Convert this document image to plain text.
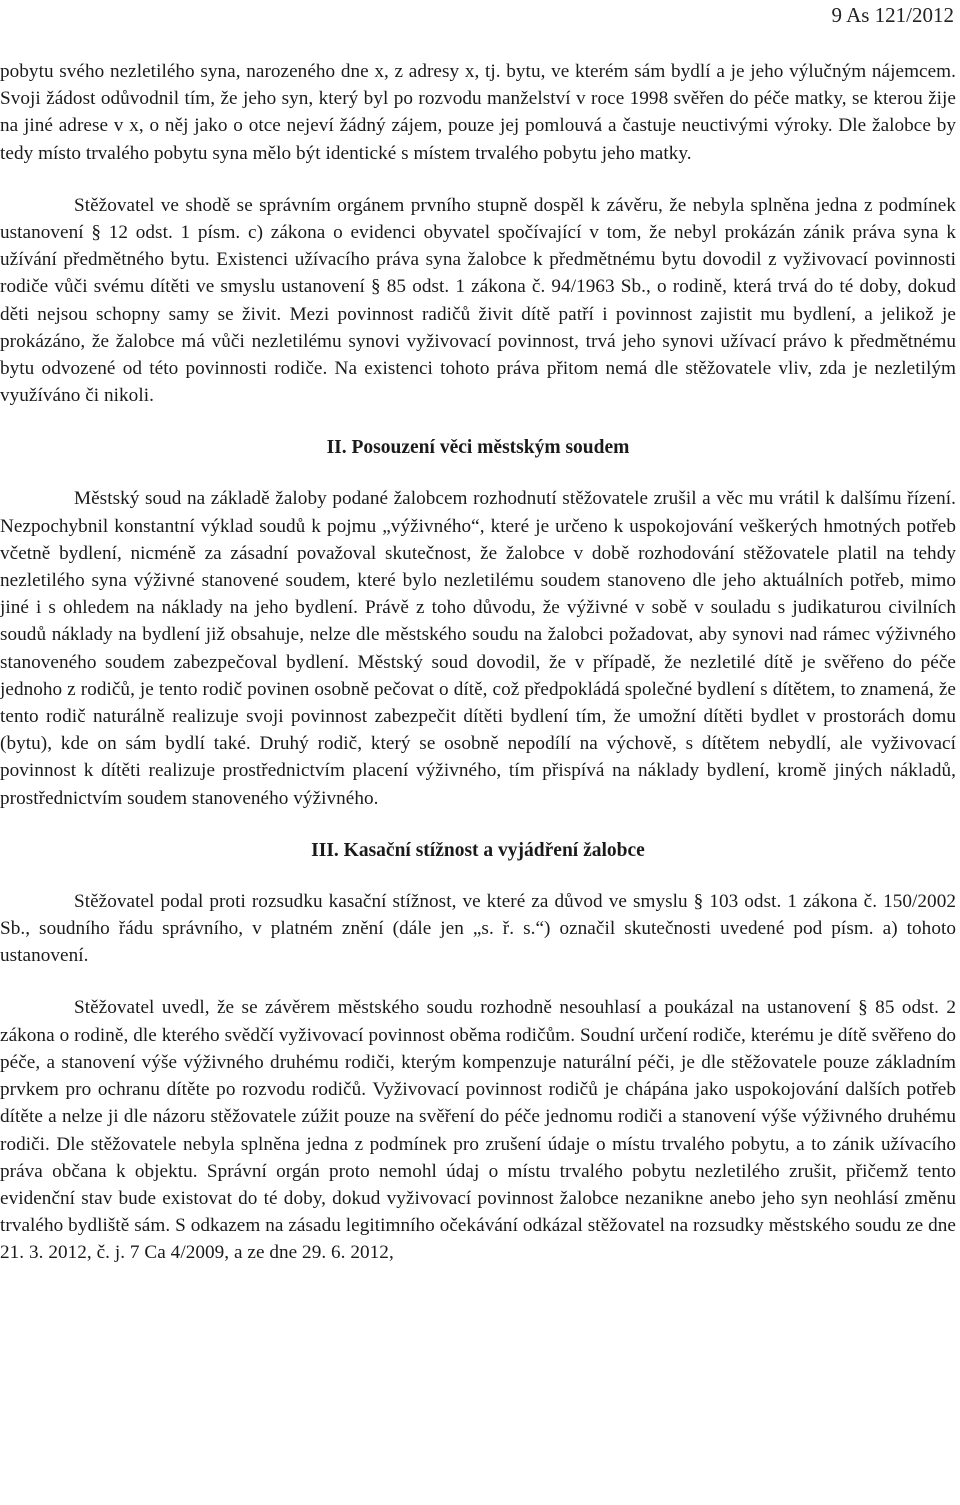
9 As 121/2012

pobytu svého nezletilého syna, narozeného dne x, z adresy x, tj. bytu, ve kterém sám bydlí a je jeho výlučným nájemcem. Svoji žádost odůvodnil tím, že jeho syn, který byl po rozvodu manželství v roce 1998 svěřen do péče matky, se kterou žije na jiné adrese v x, o něj jako o otce nejeví žádný zájem, pouze jej pomlouvá a častuje neuctivými výroky. Dle žalobce by tedy místo trvalého pobytu syna mělo být identické s místem trvalého pobytu jeho matky.

Stěžovatel ve shodě se správním orgánem prvního stupně dospěl k závěru, že nebyla splněna jedna z podmínek ustanovení § 12 odst. 1 písm. c) zákona o evidenci obyvatel spočívající v tom, že nebyl prokázán zánik práva syna k užívání předmětného bytu. Existenci užívacího práva syna žalobce k předmětnému bytu dovodil z vyživovací povinnosti rodiče vůči svému dítěti ve smyslu ustanovení § 85 odst. 1 zákona č. 94/1963 Sb., o rodině, která trvá do té doby, dokud děti nejsou schopny samy se živit. Mezi povinnost radičů živit dítě patří i povinnost zajistit mu bydlení, a jelikož je prokázáno, že žalobce má vůči nezletilému synovi vyživovací povinnost, trvá jeho synovi užívací právo k předmětnému bytu odvozené od této povinnosti rodiče. Na existenci tohoto práva přitom nemá dle stěžovatele vliv, zda je nezletilým využíváno či nikoli.

II. Posouzení věci městským soudem

Městský soud na základě žaloby podané žalobcem rozhodnutí stěžovatele zrušil a věc mu vrátil k dalšímu řízení. Nezpochybnil konstantní výklad soudů k pojmu „výživného“, které je určeno k uspokojování veškerých hmotných potřeb včetně bydlení, nicméně za zásadní považoval skutečnost, že žalobce v době rozhodování stěžovatele platil na tehdy nezletilého syna výživné stanovené soudem, které bylo nezletilému soudem stanoveno dle jeho aktuálních potřeb, mimo jiné i s ohledem na náklady na jeho bydlení. Právě z toho důvodu, že výživné v sobě v souladu s judikaturou civilních soudů náklady na bydlení již obsahuje, nelze dle městského soudu na žalobci požadovat, aby synovi nad rámec výživného stanoveného soudem zabezpečoval bydlení. Městský soud dovodil, že v případě, že nezletilé dítě je svěřeno do péče jednoho z rodičů, je tento rodič povinen osobně pečovat o dítě, což předpokládá společné bydlení s dítětem, to znamená, že tento rodič naturálně realizuje svoji povinnost zabezpečit dítěti bydlení tím, že umožní dítěti bydlet v prostorách domu (bytu), kde on sám bydlí také. Druhý rodič, který se osobně nepodílí na výchově, s dítětem nebydlí, ale vyživovací povinnost k dítěti realizuje prostřednictvím placení výživného, tím přispívá na náklady bydlení, kromě jiných nákladů, prostřednictvím soudem stanoveného výživného.

III. Kasační stížnost a vyjádření žalobce

Stěžovatel podal proti rozsudku kasační stížnost, ve které za důvod ve smyslu § 103 odst. 1 zákona č. 150/2002 Sb., soudního řádu správního, v platném znění (dále jen „s. ř. s.“) označil skutečnosti uvedené pod písm. a) tohoto ustanovení.

Stěžovatel uvedl, že se závěrem městského soudu rozhodně nesouhlasí a poukázal na ustanovení § 85 odst. 2 zákona o rodině, dle kterého svědčí vyživovací povinnost oběma rodičům. Soudní určení rodiče, kterému je dítě svěřeno do péče, a stanovení výše výživného druhému rodiči, kterým kompenzuje naturální péči, je dle stěžovatele pouze základním prvkem pro ochranu dítěte po rozvodu rodičů. Vyživovací povinnost rodičů je chápána jako uspokojování dalších potřeb dítěte a nelze ji dle názoru stěžovatele zúžit pouze na svěření do péče jednomu rodiči a stanovení výše výživného druhému rodiči. Dle stěžovatele nebyla splněna jedna z podmínek pro zrušení údaje o místu trvalého pobytu, a to zánik užívacího práva občana k objektu. Správní orgán proto nemohl údaj o místu trvalého pobytu nezletilého zrušit, přičemž tento evidenční stav bude existovat do té doby, dokud vyživovací povinnost žalobce nezanikne anebo jeho syn neohlásí změnu trvalého bydliště sám. S odkazem na zásadu legitimního očekávání odkázal stěžovatel na rozsudky městského soudu ze dne 21. 3. 2012, č. j. 7 Ca 4/2009, a ze dne 29. 6. 2012,
